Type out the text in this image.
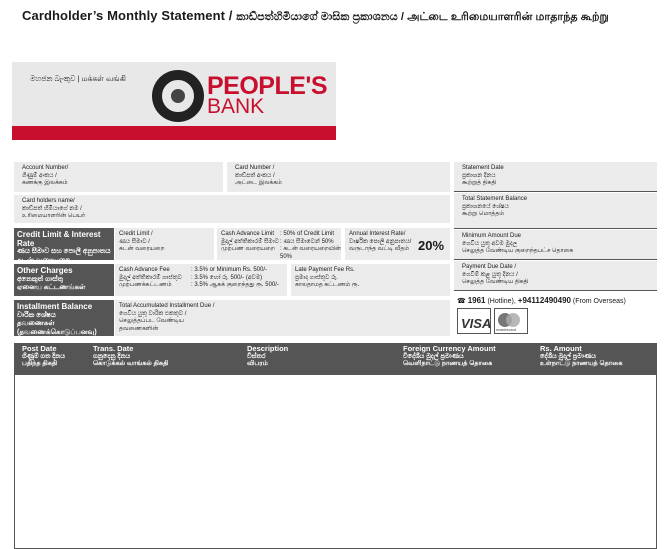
Cardholder’s Monthly Statement / කාඩ්පත්හිමියාගේ මාසික ප්‍රකාශනය / அட்டை உரிமையாளரின் மாதாந்த கூற்று
මහජන බැංකුව | மக்கள் வங்கி	PEOPLE'S
BANK
Account Number/
ගිණුම් අංකය /
கணக்கு இலக்கம்
Card Number /
කාඩ්පත් අංකය /
அட்டை இலக்கம்
Statement Date
ප්‍රකාශන දිනය
கூற்றுத் திகதி
Card holders name/
කාඩ්පත් හිමියාගේ නම /
உரிமையாளரின் பெயர்
Total Statement Balance
ප්‍රකාශනයේ ශේෂය
கூற்று மொத்தம்
Credit Limit & Interest Rate
ණය සීමාව සහ පොලී අනුපාතය
கடன் வரையறை
Credit Limit /
ණය සීමාව /
கடன் வரையறை
Cash Advance Limit
මුදල් අත්තිකාරම් සීමාව
முற்பண வரையறை
: 50% of Credit Limit
: ණය සීමාවෙන් 50%
: கடன் வரையறையின் 50%
Annual Interest Rate/
වාර්ෂික පොලී අනුපාතය/
வருடாந்த வட்டி வீதம் 20%
Minimum Amount Due
ගෙවිය යුතු අවම මුදල
செலுத்த வேண்டிய குறைந்தபட்ச தொகை
Other Charges
අනෙකුත් ගාස්තු
ஏனைய கட்டணங்கள்
Cash Advance Fee
මුදල් අත්තිකාරම් ගාස්තුව
முற்பணக்கட்டணம்
: 3.5% or Minimum Rs. 500/-
: 3.5% හෝ රු. 500/- (අවම)
: 3.5% ஆகக் குறைந்தது ரூ. 500/-
Late Payment Fee Rs.
ප්‍රමාද ගාස්තුව රු.
காலதாமத கட்டணம் ரூ.
Payment Due Date /
ගෙවීම් කළ යුතු දිනය /
செலுத்த வேண்டிய திகதி
Installment Balance
වාරික ශේෂය
தவணைகள் (தவணைக்கொடுப்பனவு)
Total Accumulated Installment Due /
ගෙවිය යුතු වාරික එකතුව /
செலுத்தப்பட வேண்டிய
தவணைகளின்
☎ 1961 (Hotline), +94112490490 (From Overseas)
VISA mastercard
Post Date
ගිණුම් ගත දිනය
பதிந்த திகதி
Trans. Date
ගනුදෙනු දිනය
கொடுக்கல் வாங்கல் திகதி
Description
විස්තර
விபரம்
Foreign Currency Amount
විදේශීය මුදල් ප්‍රමාණය
வெளிநாட்டு நாணயத் தொகை
Rs. Amount
දේශීය මුදල් ප්‍රමාණය
உள்நாட்டு நாணயத் தொகை
